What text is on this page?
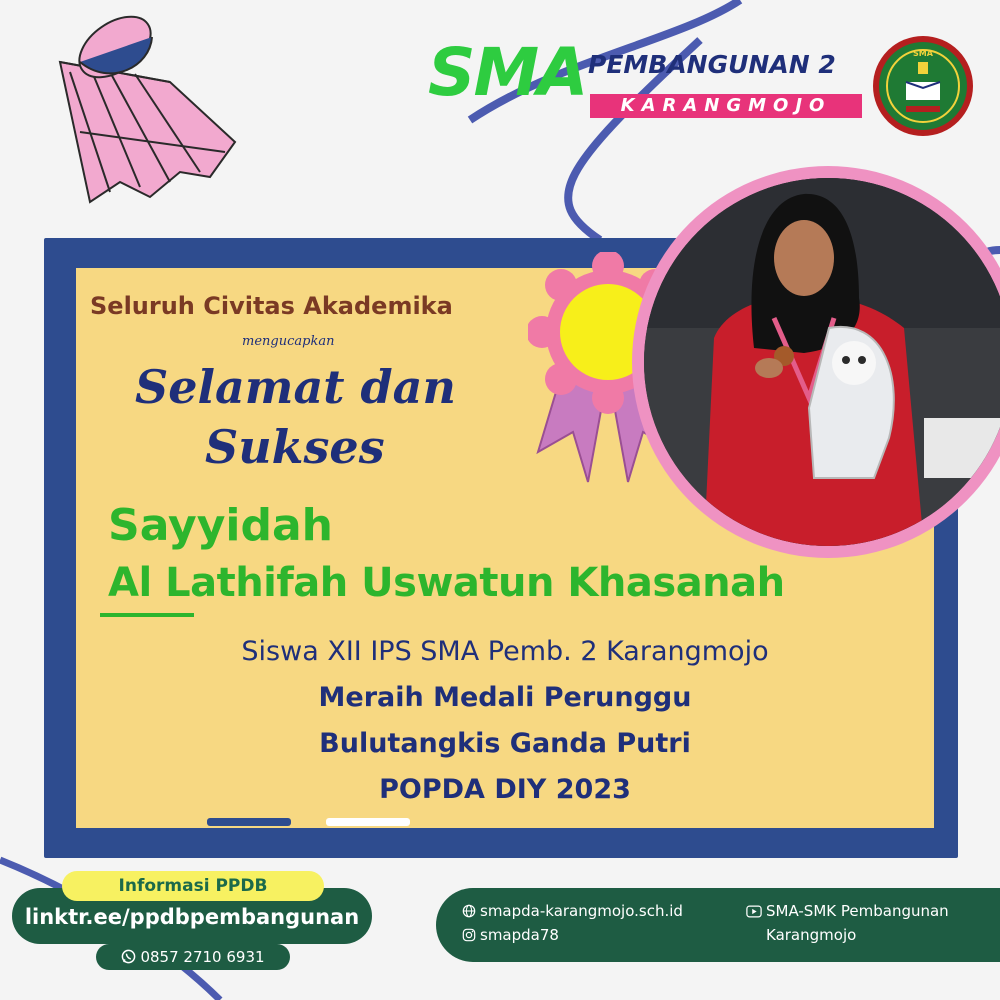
SMA PEMBANGUNAN 2
KARANGMOJO
SMA
Seluruh Civitas Akademika
mengucapkan
Selamat dan
Sukses
Sayyidah
Al Lathifah Uswatun Khasanah
Siswa XII IPS SMA Pemb. 2 Karangmojo
Meraih Medali Perunggu
Bulutangkis Ganda Putri
POPDA DIY 2023
linktr.ee/ppdbpembangunan
Informasi PPDB
0857 2710 6931
smapda-karangmojo.sch.id
smapda78
SMA-SMK Pembangunan
Karangmojo
